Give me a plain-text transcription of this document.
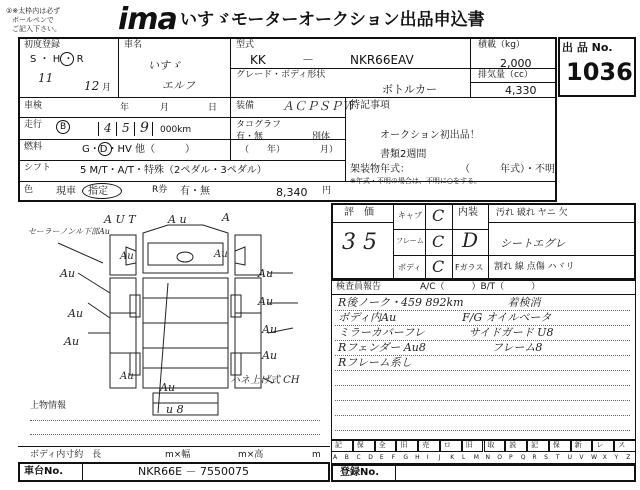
①※太枠内は必ず
ボールペンで
ご記入下さい。 ima いすゞモーターオークション出品申込書
出 品 No.
1036
初度登録
S ・ H ・ R
11
12 月
車名
いすゞ
エルフ
型式
KK	－	NKR66EAV
積載（kg）
2,000
グレード・ボディ形状
ボトルカー
排気量（cc）
4,330
車検	年	月	日 装備 ＡＣＰＳＰＷ
特記事項
オークション初出品！
書類2週間
走行 B	4 5 9 000km	タコグラフ
有・無	別体
燃料	G・D・HV 他（　　　）	（　　年）	月）
シフト	5 M/T・A/T・特殊（2ペダル・3ペダル）	架装物年式：	（　　　年式）・不明
※年式・不明の場合は、不明に○をする。
色 現車 指定	R券 有・無	8,340 円
評　価
3 5
キャブ C
フレーム C
ボディ C
内装
D
汚れ 破れ ヤニ 欠
シートエグレ
Fガラス 割れ 線 点傷 ハヾリ
検査員報告	A/C（　　　）B/T（　　　）
R後ノーク・459 892km　　　　着検消
ボディ内Au　　　　　　F/G オイルベータ
ミラーカバーフレ　　　　サイドガード U8
Rフェンダー Au8　　　　　　フレーム8
Rフレーム系し
A U T	A u	A
セーラーノンル下部Au
Au	Au
Au
Au
Au
Au
Au
Au
Au
Au
Au
u 8
ハネ上げ式 CH
上物情報
ボディ内寸約　長	m×幅	m×高	m
車台No.	NKR66E － 7550075
記 保 全 旧 売 ロ 旧 取 説 記 保 新 レ ス
A B C D E F G H I J K L M N O P Q R S T U V W X Y Z
登録No.
